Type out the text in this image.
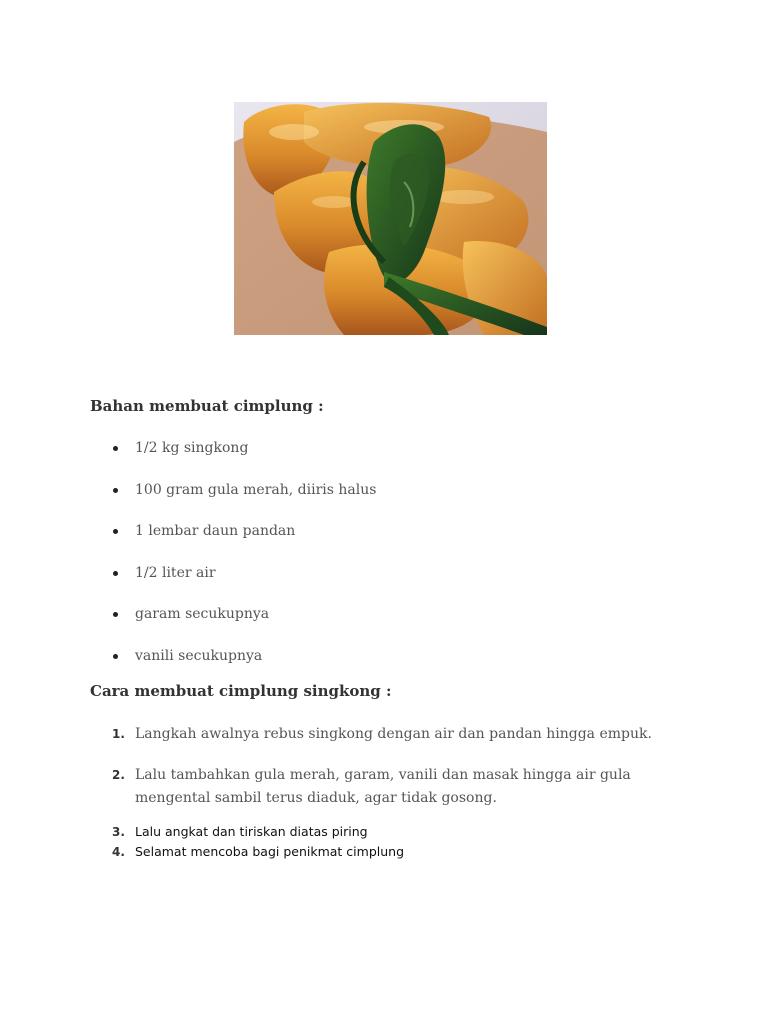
Bahan membuat cimplung :
1/2 kg singkong
100 gram gula merah, diiris halus
1 lembar daun pandan
1/2 liter air
garam secukupnya
vanili secukupnya
Cara membuat cimplung singkong :
1. Langkah awalnya rebus singkong dengan air dan pandan hingga empuk.
2. Lalu tambahkan gula merah, garam, vanili dan masak hingga air gula mengental sambil terus diaduk, agar tidak gosong.
3. Lalu angkat dan tiriskan diatas piring
4. Selamat mencoba bagi penikmat cimplung
